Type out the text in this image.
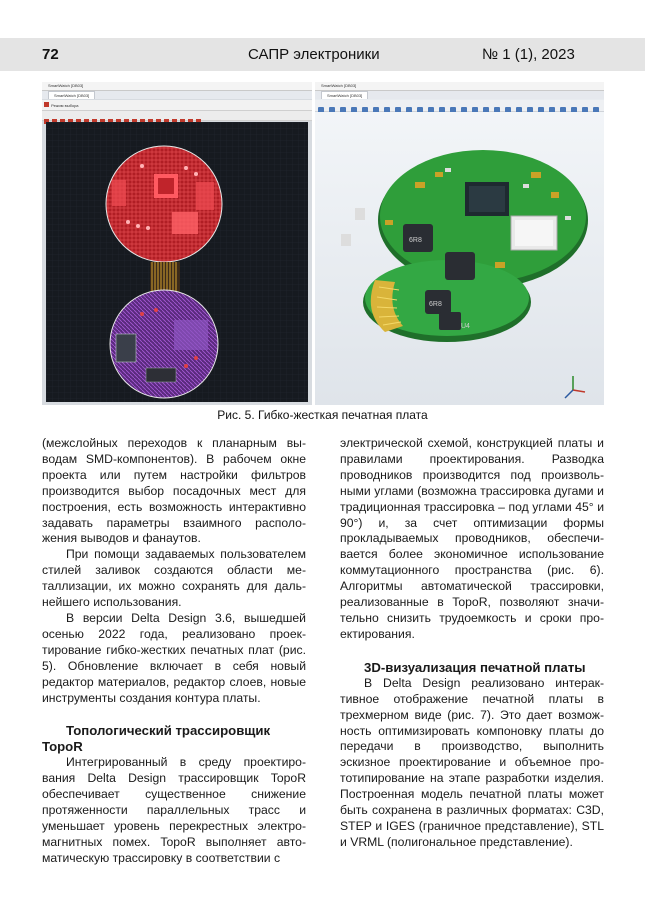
72	САПР электроники	№ 1 (1), 2023
SmartWatch [DB03]
SmartWatch [DB03]
Режим выбора
SmartWatch [DB03]
SmartWatch [DB03]
6R8
6R8
U4
Рис. 5. Гибко-жесткая печатная плата

(межслойных переходов к планарным выводам SMD-компонентов). В рабочем окне проекта или путем настройки фильтров производится выбор посадочных мест для построения, есть возможность интерактивно задавать параметры взаимного расположения выводов и фанаутов.

При помощи задаваемых пользователем стилей заливок создаются области металлизации, их можно сохранять для дальнейшего использования.

В версии Delta Design 3.6, вышедшей осенью 2022 года, реализовано проектирование гибко-жестких печатных плат (рис. 5). Обновление включает в себя новый редактор материалов, редактор слоев, новые инструменты создания контура платы.

Топологический трассировщик TopoR

Интегрированный в среду проектирования Delta Design трассировщик TopoR обеспечивает существенное снижение протяженности параллельных трасс и уменьшает уровень перекрестных электромагнитных помех. TopoR выполняет автоматическую трассировку в соответствии с

электрической схемой, конструкцией платы и правилами проектирования. Разводка проводников производится под произвольными углами (возможна трассировка дугами и традиционная трассировка – под углами 45° и 90°) и, за счет оптимизации формы прокладываемых проводников, обеспечивается более экономичное использование коммутационного пространства (рис. 6). Алгоритмы автоматической трассировки, реализованные в TopoR, позволяют значительно снизить трудоемкость и сроки проектирования.

3D-визуализация печатной платы

В Delta Design реализовано интерактивное отображение печатной платы в трехмерном виде (рис. 7). Это дает возможность оптимизировать компоновку платы до передачи в производство, выполнить эскизное проектирование и объемное прототипирование на этапе разработки изделия. Построенная модель печатной платы может быть сохранена в различных форматах: C3D, STEP и IGES (граничное представление), STL и VRML (полигональное представление).
